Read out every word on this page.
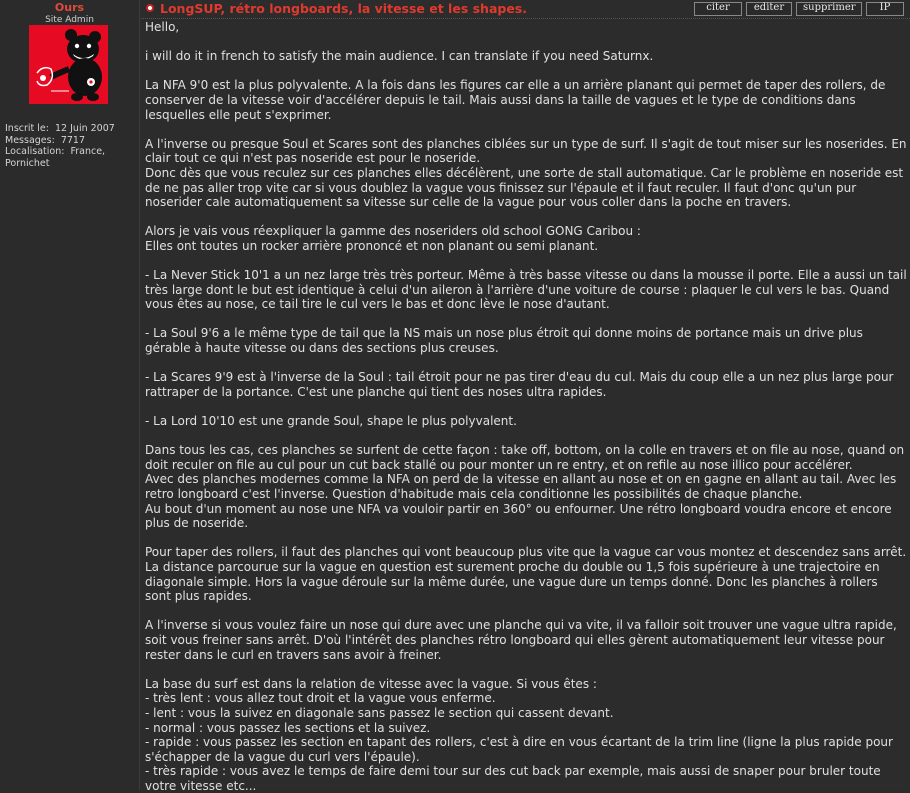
Ours
Site Admin
Inscrit le:  12 Juin 2007
Messages:  7717
Localisation:  France,
Pornichet
LongSUP, rétro longboards, la vitesse et les shapes.	citer	editer	supprimer	IP

Hello,

i will do it in french to satisfy the main audience. I can translate if you need Saturnx.

La NFA 9'0 est la plus polyvalente. A la fois dans les figures car elle a un arrière planant qui permet de taper des rollers, de conserver de la vitesse voir d'accélérer depuis le tail. Mais aussi dans la taille de vagues et le type de conditions dans lesquelles elle peut s'exprimer.

A l'inverse ou presque Soul et Scares sont des planches ciblées sur un type de surf. Il s'agit de tout miser sur les noserides. En clair tout ce qui n'est pas noseride est pour le noseride.

Donc dès que vous reculez sur ces planches elles décélèrent, une sorte de stall automatique. Car le problème en noseride est de ne pas aller trop vite car si vous doublez la vague vous finissez sur l'épaule et il faut reculer. Il faut d'onc qu'un pur noserider cale automatiquement sa vitesse sur celle de la vague pour vous coller dans la poche en travers.

Alors je vais vous réexpliquer la gamme des noseriders old school GONG Caribou :

Elles ont toutes un rocker arrière prononcé et non planant ou semi planant.

- La Never Stick 10'1 a un nez large très très porteur. Même à très basse vitesse ou dans la mousse il porte. Elle a aussi un tail très large dont le but est identique à celui d'un aileron à l'arrière d'une voiture de course : plaquer le cul vers le bas. Quand vous êtes au nose, ce tail tire le cul vers le bas et donc lève le nose d'autant.

- La Soul 9'6 a le même type de tail que la NS mais un nose plus étroit qui donne moins de portance mais un drive plus gérable à haute vitesse ou dans des sections plus creuses.

- La Scares 9'9 est à l'inverse de la Soul : tail étroit pour ne pas tirer d'eau du cul. Mais du coup elle a un nez plus large pour rattraper de la portance. C'est une planche qui tient des noses ultra rapides.

- La Lord 10'10 est une grande Soul, shape le plus polyvalent.

Dans tous les cas, ces planches se surfent de cette façon : take off, bottom, on la colle en travers et on file au nose, quand on doit reculer on file au cul pour un cut back stallé ou pour monter un re entry, et on refile au nose illico pour accélérer.

Avec des planches modernes comme la NFA on perd de la vitesse en allant au nose et on en gagne en allant au tail. Avec les retro longboard c'est l'inverse. Question d'habitude mais cela conditionne les possibilités de chaque planche.

Au bout d'un moment au nose une NFA va vouloir partir en 360° ou enfourner. Une rétro longboard voudra encore et encore plus de noseride.

Pour taper des rollers, il faut des planches qui vont beaucoup plus vite que la vague car vous montez et descendez sans arrêt. La distance parcourue sur la vague en question est surement proche du double ou 1,5 fois supérieure à une trajectoire en diagonale simple. Hors la vague déroule sur la même durée, une vague dure un temps donné. Donc les planches à rollers sont plus rapides.

A l'inverse si vous voulez faire un nose qui dure avec une planche qui va vite, il va falloir soit trouver une vague ultra rapide, soit vous freiner sans arrêt. D'où l'intérêt des planches rétro longboard qui elles gèrent automatiquement leur vitesse pour rester dans le curl en travers sans avoir à freiner.

La base du surf est dans la relation de vitesse avec la vague. Si vous êtes :

- très lent : vous allez tout droit et la vague vous enferme.

- lent : vous la suivez en diagonale sans passez le section qui cassent devant.

- normal : vous passez les sections et la suivez.

- rapide : vous passez les section en tapant des rollers, c'est à dire en vous écartant de la trim line (ligne la plus rapide pour s'échapper de la vague du curl vers l'épaule).

- très rapide : vous avez le temps de faire demi tour sur des cut back par exemple, mais aussi de snaper pour bruler toute votre vitesse etc...
